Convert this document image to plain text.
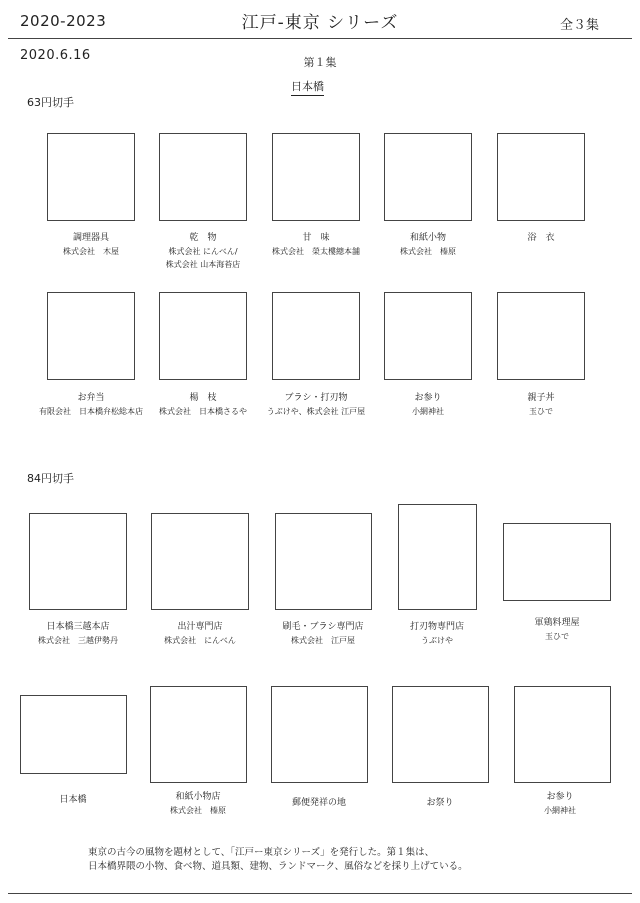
2020-2023	江戸-東京 シリーズ	全３集
2020.6.16	第１集
日本橋
63円切手
調理器具
株式会社　木屋
乾　物
株式会社 にんべん/
株式会社 山本海苔店
甘　味
株式会社　榮太樓總本舗
和紙小物
株式会社　榛原
浴　衣
お弁当
有限会社　日本橋弁松総本店
楊　枝
株式会社　日本橋さるや
ブラシ・打刃物
うぶけや、株式会社 江戸屋
お参り
小網神社
親子丼
玉ひで
84円切手
日本橋三越本店
株式会社　三越伊勢丹
出汁専門店
株式会社　にんべん
刷毛・ブラシ専門店
株式会社　江戸屋
打刃物専門店
うぶけや
軍鶏料理屋
玉ひで
日本橋	和紙小物店
株式会社　榛原
郵便発祥の地	お祭り
お参り
小網神社
東京の古今の風物を題材として、「江戸ー東京シリーズ」を発行した。第１集は、
日本橋界隈の小物、食べ物、道具類、建物、ランドマーク、風俗などを採り上げている。
